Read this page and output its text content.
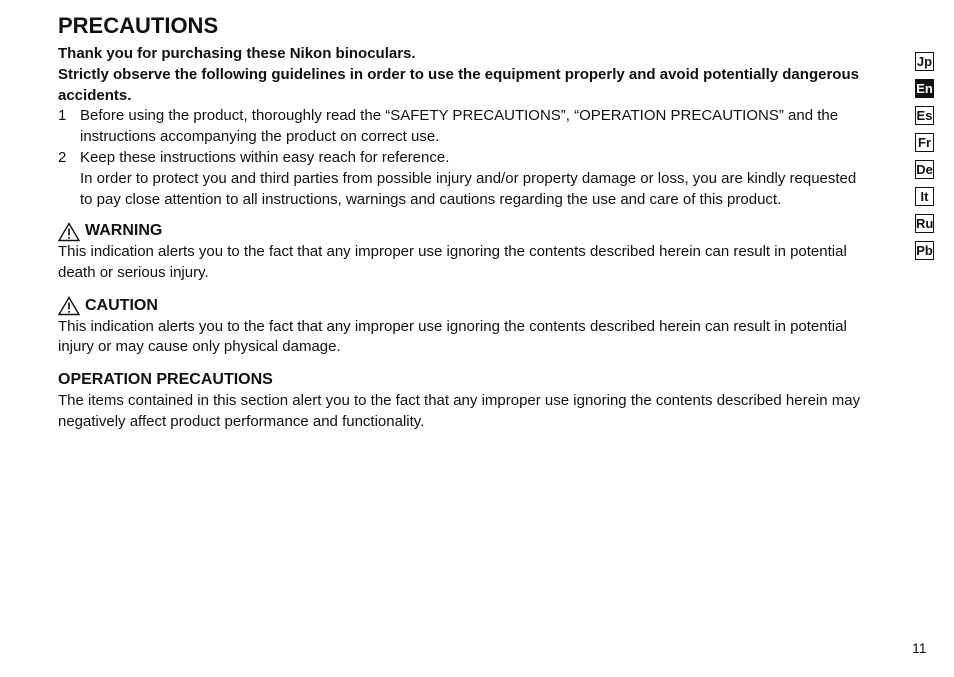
PRECAUTIONS

Thank you for purchasing these Nikon binoculars.

Strictly observe the following guidelines in order to use the equipment properly and avoid potentially dangerous accidents.

1 Before using the product, thoroughly read the “SAFETY PRECAUTIONS”, “OPERATION PRECAUTIONS” and the instructions accompanying the product on correct use.
2 Keep these instructions within easy reach for reference.

In order to protect you and third parties from possible injury and/or property damage or loss, you are kindly requested to pay close attention to all instructions, warnings and cautions regarding the use and care of this product.

WARNING

This indication alerts you to the fact that any improper use ignoring the contents described herein can result in potential death or serious injury.

CAUTION

This indication alerts you to the fact that any improper use ignoring the contents described herein can result in potential injury or may cause only physical damage.

OPERATION PRECAUTIONS

The items contained in this section alert you to the fact that any improper use ignoring the contents described herein may negatively affect product performance and functionality.

Jp
En
Es
Fr
De
It
Ru
Pb
11
